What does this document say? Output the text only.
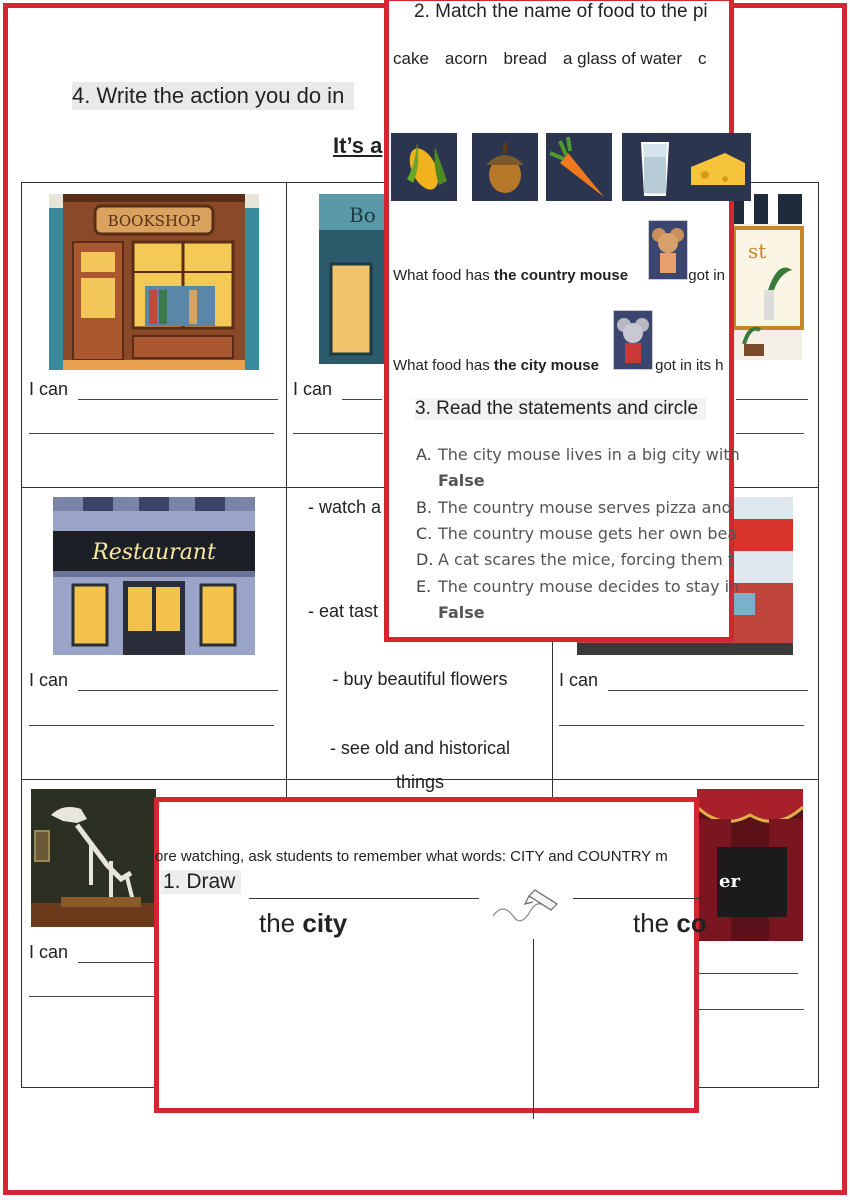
4. Write the action you do in
It’s a
BOOKSHOP
I can
Bo
I can
st
Restaurant
I can
- watch a
- eat tast
- buy beautiful flowers
- see old and historical
things
I can
I can
er
2. Match the name of food to the pi
cake acorn bread a glass of water c
What food has the country mouse	got in
What food has the city mouse	got in its h
3. Read the statements and circle
A. The city mouse lives in a big city with
False
B. The country mouse serves pizza and
C. The country mouse gets her own bea
D. A cat scares the mice, forcing them t
E. The country mouse decides to stay in
False
ore watching, ask students to remember what words: CITY and COUNTRY m
1. Draw
the city	the co
